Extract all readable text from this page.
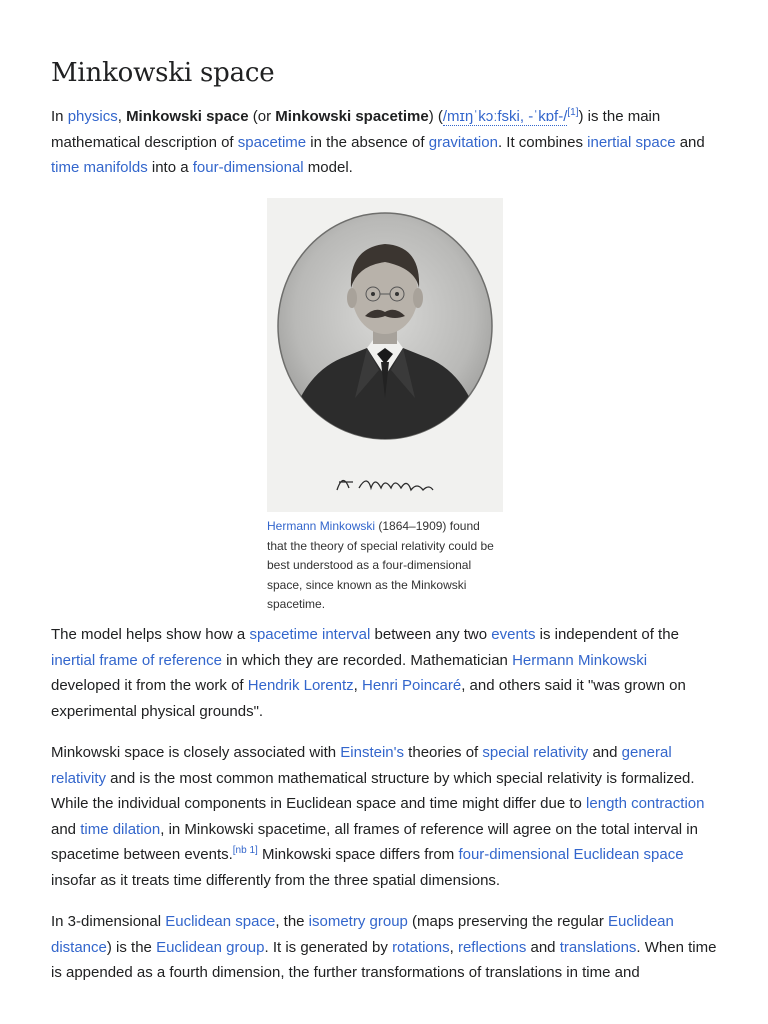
Minkowski space

In physics, Minkowski space (or Minkowski spacetime) (/mɪŋˈkɔːfski, -ˈkɒf-/[1]) is the main mathematical description of spacetime in the absence of gravitation. It combines inertial space and time manifolds into a four-dimensional model.

Hermann Minkowski (1864–1909) found that the theory of special relativity could be best understood as a four-dimensional space, since known as the Minkowski spacetime.

The model helps show how a spacetime interval between any two events is independent of the inertial frame of reference in which they are recorded. Mathematician Hermann Minkowski developed it from the work of Hendrik Lorentz, Henri Poincaré, and others said it "was grown on experimental physical grounds".

Minkowski space is closely associated with Einstein's theories of special relativity and general relativity and is the most common mathematical structure by which special relativity is formalized. While the individual components in Euclidean space and time might differ due to length contraction and time dilation, in Minkowski spacetime, all frames of reference will agree on the total interval in spacetime between events.[nb 1] Minkowski space differs from four-dimensional Euclidean space insofar as it treats time differently from the three spatial dimensions.

In 3-dimensional Euclidean space, the isometry group (maps preserving the regular Euclidean distance) is the Euclidean group. It is generated by rotations, reflections and translations. When time is appended as a fourth dimension, the further transformations of translations in time and
